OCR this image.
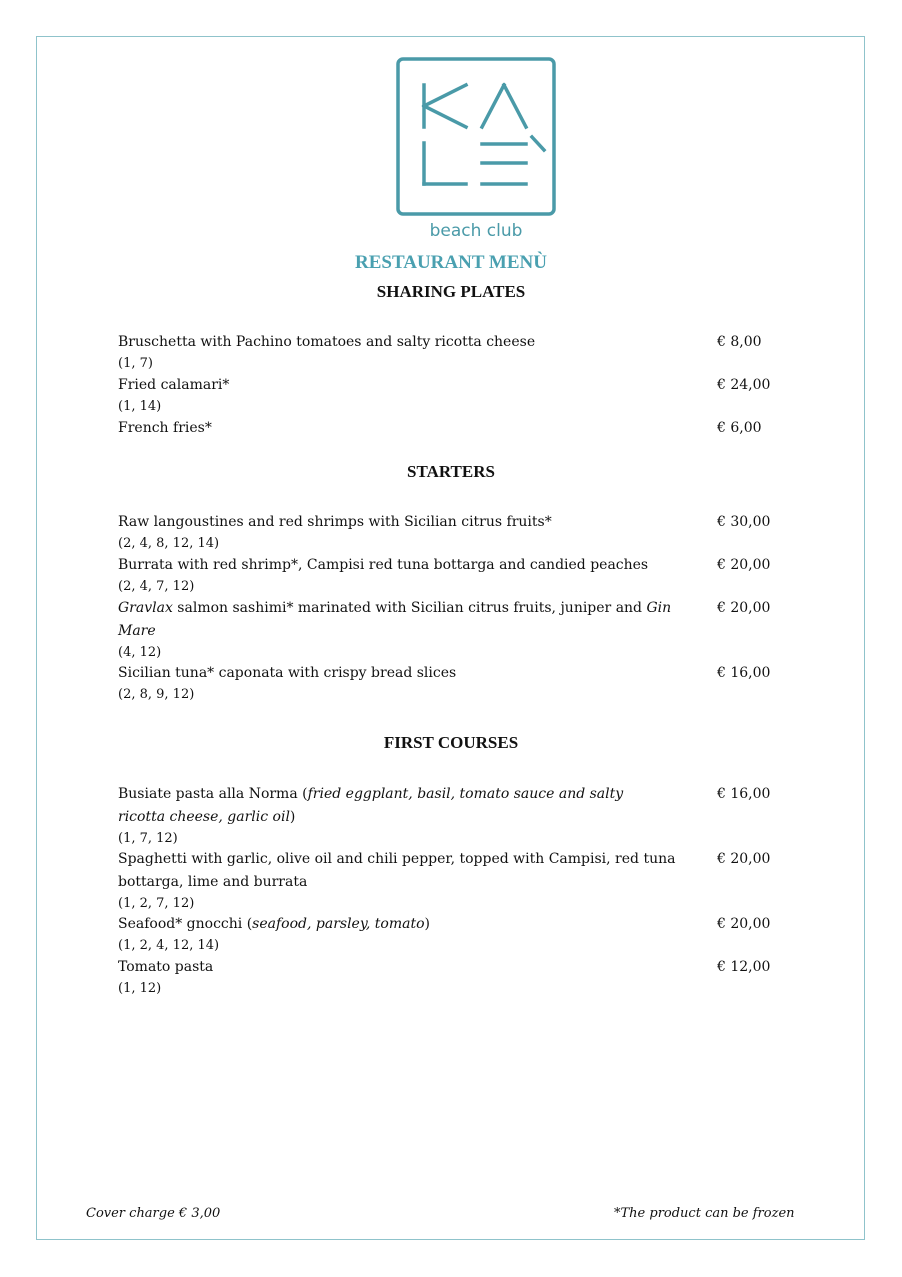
beach club
RESTAURANT MENÙ
SHARING PLATES
Bruschetta with Pachino tomatoes and salty ricotta cheese
(1, 7)
€ 8,00
Fried calamari*
(1, 14)
€ 24,00
French fries*	€ 6,00
STARTERS
Raw langoustines and red shrimps with Sicilian citrus fruits*
(2, 4, 8, 12, 14)
€ 30,00
Burrata with red shrimp*, Campisi red tuna bottarga and candied peaches
(2, 4, 7, 12)
€ 20,00
Gravlax salmon sashimi* marinated with Sicilian citrus fruits, juniper and Gin Mare
(4, 12)
€ 20,00
Sicilian tuna* caponata with crispy bread slices
(2, 8, 9, 12)
€ 16,00
FIRST COURSES
Busiate pasta alla Norma (fried eggplant, basil, tomato sauce and salty ricotta cheese, garlic oil)
(1, 7, 12)
€ 16,00
Spaghetti with garlic, olive oil and chili pepper, topped with Campisi, red tuna bottarga, lime and burrata
(1, 2, 7, 12)
€ 20,00
Seafood* gnocchi (seafood, parsley, tomato)
(1, 2, 4, 12, 14)
€ 20,00
Tomato pasta
(1, 12)
€ 12,00
Cover charge € 3,00	*The product can be frozen
